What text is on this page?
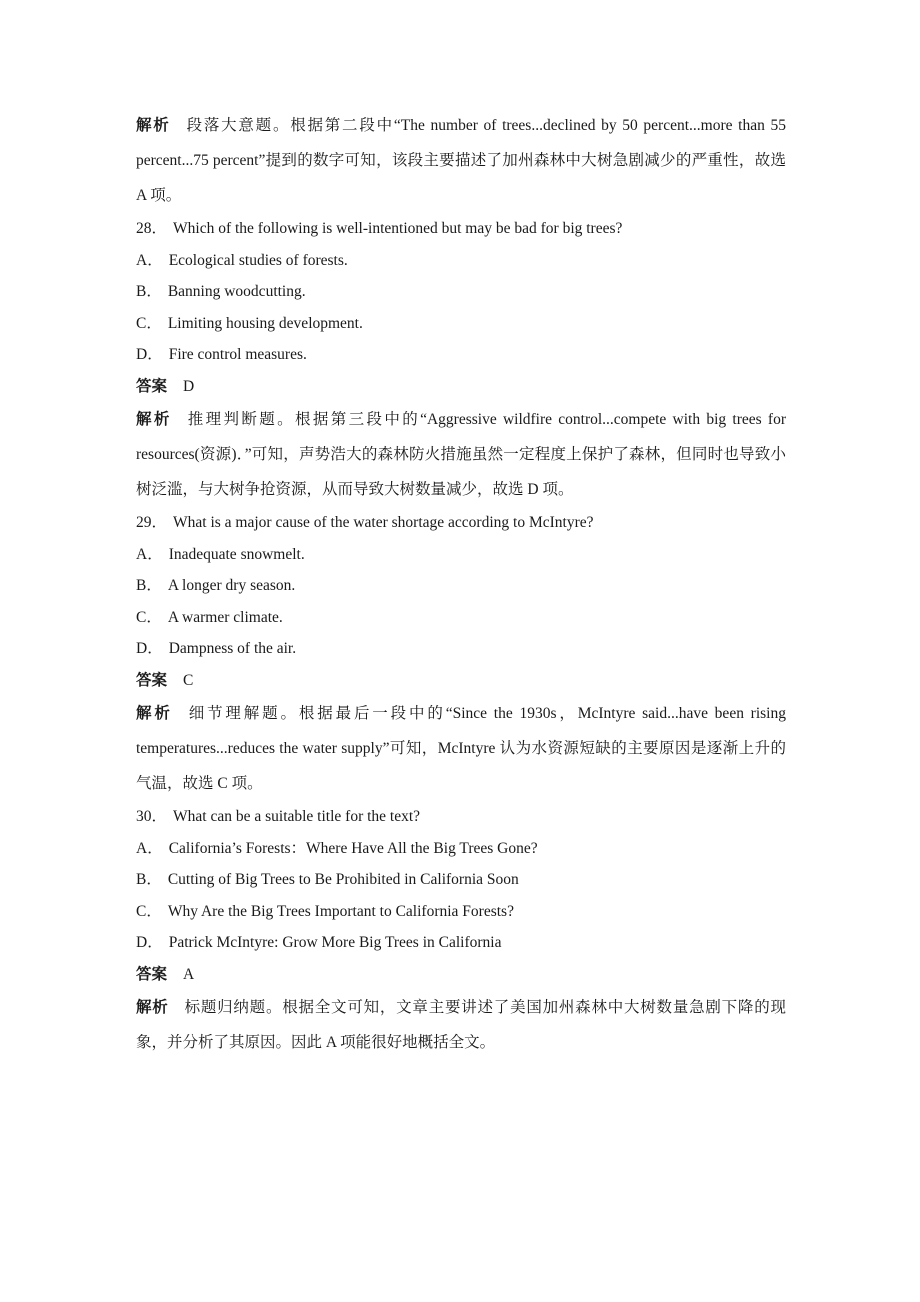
解析 段落大意题。根据第二段中“The number of trees...declined by 50 percent...more than 55 percent...75 percent”提到的数字可知，该段主要描述了加州森林中大树急剧减少的严重性，故选 A 项。

28． Which of the following is well-intentioned but may be bad for big trees?

A． Ecological studies of forests.

B． Banning woodcutting.

C． Limiting housing development.

D． Fire control measures.

答案 D

解析 推理判断题。根据第三段中的“Aggressive wildfire control...compete with big trees for resources(资源)．”可知，声势浩大的森林防火措施虽然一定程度上保护了森林，但同时也导致小树泛滥，与大树争抢资源，从而导致大树数量减少，故选 D 项。

29． What is a major cause of the water shortage according to McIntyre?

A． Inadequate snowmelt.

B． A longer dry season.

C． A warmer climate.

D． Dampness of the air.

答案 C

解析 细节理解题。根据最后一段中的“Since the 1930s，McIntyre said...have been rising temperatures...reduces the water supply”可知，McIntyre 认为水资源短缺的主要原因是逐渐上升的气温，故选 C 项。

30． What can be a suitable title for the text?

A． California’s Forests：Where Have All the Big Trees Gone?

B． Cutting of Big Trees to Be Prohibited in California Soon

C． Why Are the Big Trees Important to California Forests?

D． Patrick McIntyre: Grow More Big Trees in California

答案 A

解析 标题归纳题。根据全文可知，文章主要讲述了美国加州森林中大树数量急剧下降的现象，并分析了其原因。因此 A 项能很好地概括全文。
